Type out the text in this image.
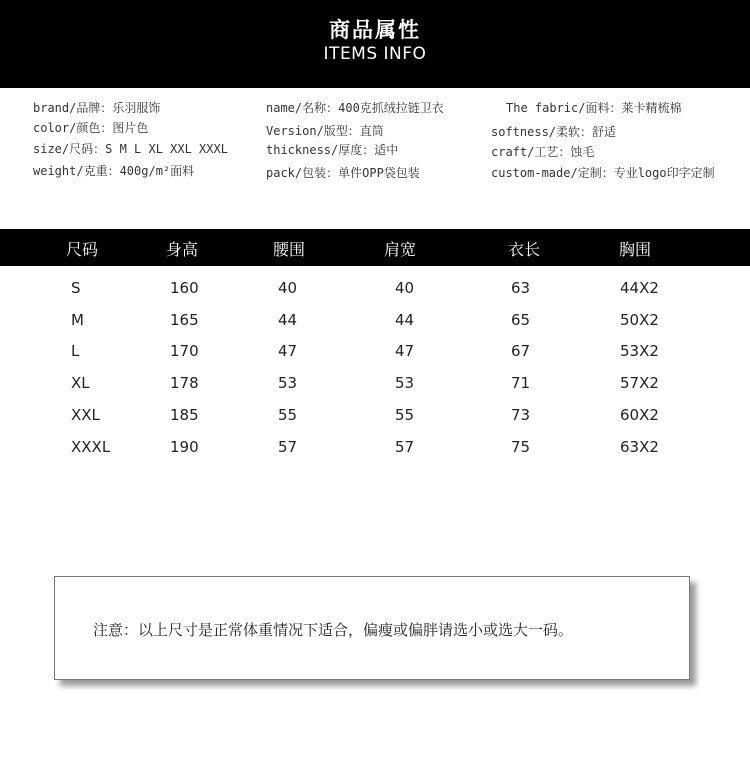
商品属性
ITEMS INFO
brand/品牌：乐羽服饰
color/颜色：图片色
size/尺码：S M L XL XXL XXXL
weight/克重：400g/m²面料
name/名称：400克抓绒拉链卫衣
Version/版型：直筒
thickness/厚度：适中
pack/包装：单件OPP袋包装
The fabric/面料：莱卡精梳棉
softness/柔软：舒适
craft/工艺：蚀毛
custom-made/定制：专业logo印字定制
尺码	身高	腰围	肩宽	衣长	胸围
S	160	40	40	63	44X2
M	165	44	44	65	50X2
L	170	47	47	67	53X2
XL	178	53	53	71	57X2
XXL	185	55	55	73	60X2
XXXL	190	57	57	75	63X2
注意：以上尺寸是正常体重情况下适合，偏瘦或偏胖请选小或选大一码。
